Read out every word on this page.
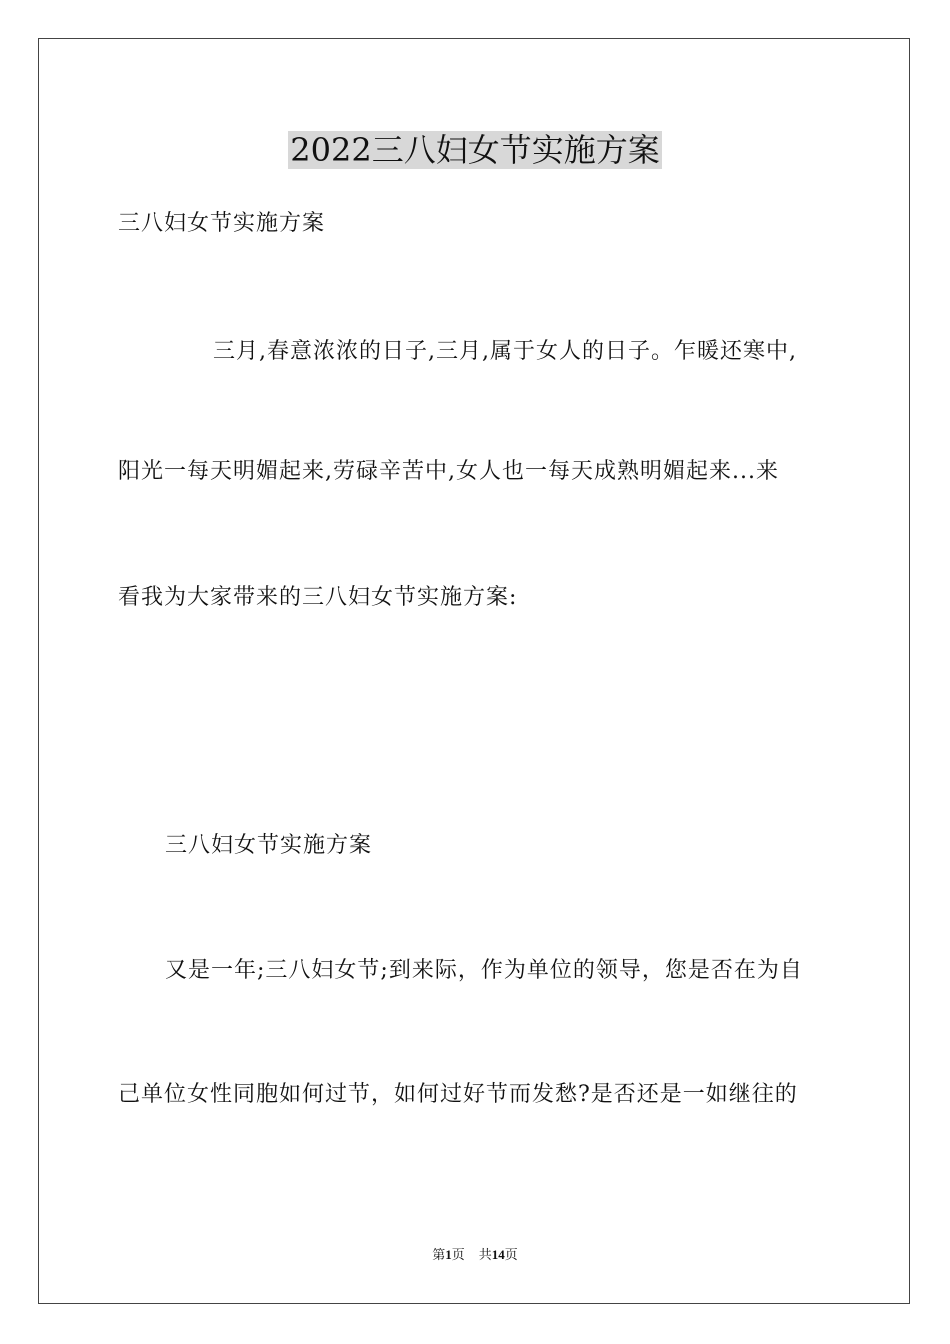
2022三八妇女节实施方案
三八妇女节实施方案
三月,春意浓浓的日子,三月,属于女人的日子。乍暖还寒中,
阳光一每天明媚起来,劳碌辛苦中,女人也一每天成熟明媚起来...来
看我为大家带来的三八妇女节实施方案:
三八妇女节实施方案
又是一年;三八妇女节;到来际，作为单位的领导，您是否在为自
己单位女性同胞如何过节，如何过好节而发愁?是否还是一如继往的
第1页 共14页
